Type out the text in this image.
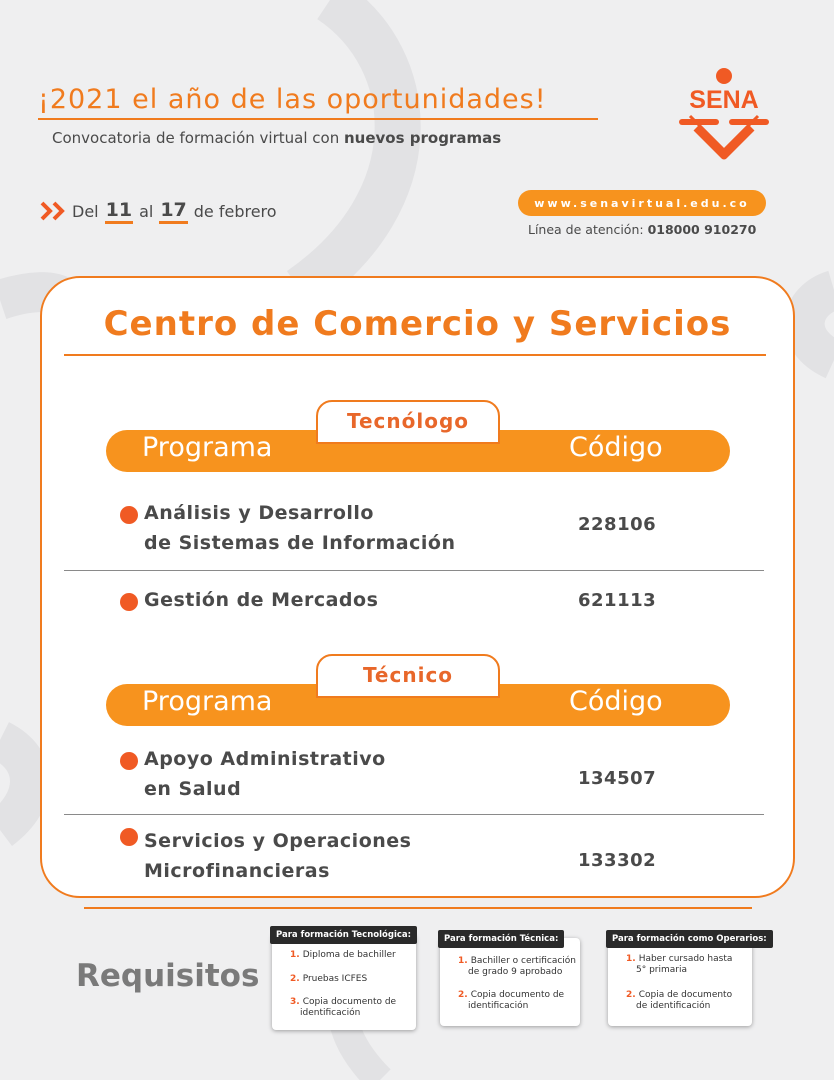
¡2021 el año de las oportunidades!
Convocatoria de formación virtual con nuevos programas
SENA
Del 11 al 17 de febrero	www.senavirtual.edu.co
Línea de atención: 018000 910270
Centro de Comercio y Servicios
Tecnólogo
Programa	Código
Análisis y Desarrollo
de Sistemas de Información
228106
Gestión de Mercados	621113
Técnico
Programa	Código
Apoyo Administrativo
en Salud	134507
Servicios y Operaciones
Microfinancieras	133302
Requisitos
Para formación Tecnológica:
1. Diploma de bachiller
2. Pruebas ICFES
3. Copia documento de
identificación
Para formación Técnica:
1. Bachiller o certificación
de grado 9 aprobado
2. Copia documento de
identificación
Para formación como Operarios:
1. Haber cursado hasta
5° primaria
2. Copia de documento
de identificación
